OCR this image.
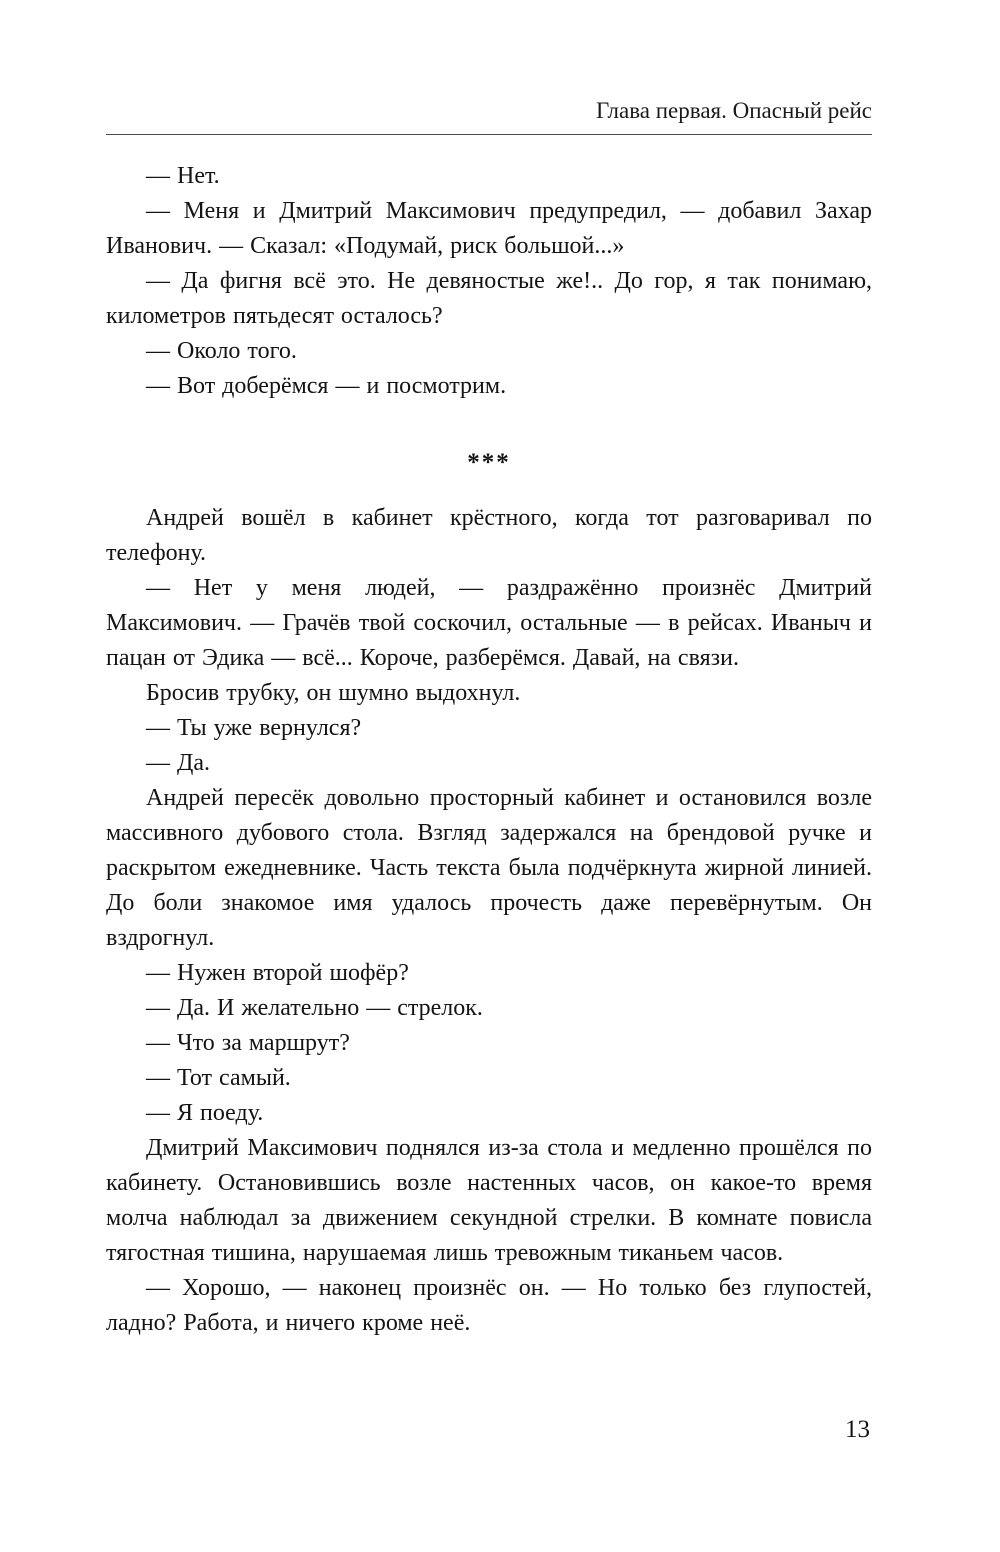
Глава первая. Опасный рейс
— Нет.
— Меня и Дмитрий Максимович предупредил, — добавил Захар Иванович. — Сказал: «Подумай, риск большой...»
— Да фигня всё это. Не девяностые же!.. До гор, я так понимаю, километров пятьдесят осталось?
— Около того.
— Вот доберёмся — и посмотрим.
***
Андрей вошёл в кабинет крёстного, когда тот разговаривал по телефону.
— Нет у меня людей, — раздражённо произнёс Дмитрий Максимович. — Грачёв твой соскочил, остальные — в рейсах. Иваныч и пацан от Эдика — всё... Короче, разберёмся. Давай, на связи.
Бросив трубку, он шумно выдохнул.
— Ты уже вернулся?
— Да.
Андрей пересёк довольно просторный кабинет и остановился возле массивного дубового стола. Взгляд задержался на брендовой ручке и раскрытом ежедневнике. Часть текста была подчёркнута жирной линией. До боли знакомое имя удалось прочесть даже перевёрнутым. Он вздрогнул.
— Нужен второй шофёр?
— Да. И желательно — стрелок.
— Что за маршрут?
— Тот самый.
— Я поеду.
Дмитрий Максимович поднялся из-за стола и медленно прошёлся по кабинету. Остановившись возле настенных часов, он какое-то время молча наблюдал за движением секундной стрелки. В комнате повисла тягостная тишина, нарушаемая лишь тревожным тиканьем часов.
— Хорошо, — наконец произнёс он. — Но только без глупостей, ладно? Работа, и ничего кроме неё.
13
